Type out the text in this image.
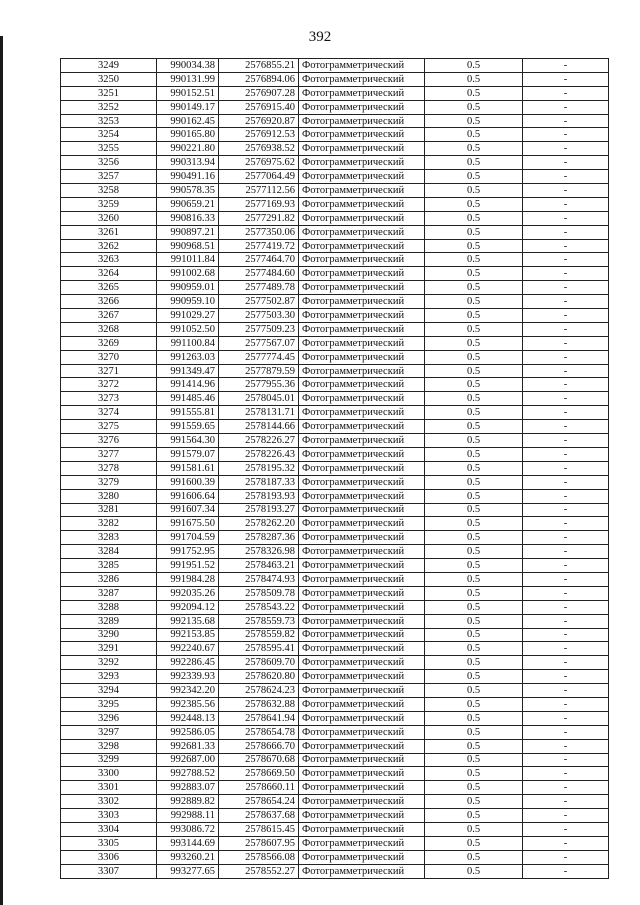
392
3249	990034.38	2576855.21	Фотограмметрический	0.5	-
3250	990131.99	2576894.06	Фотограмметрический	0.5	-
3251	990152.51	2576907.28	Фотограмметрический	0.5	-
3252	990149.17	2576915.40	Фотограмметрический	0.5	-
3253	990162.45	2576920.87	Фотограмметрический	0.5	-
3254	990165.80	2576912.53	Фотограмметрический	0.5	-
3255	990221.80	2576938.52	Фотограмметрический	0.5	-
3256	990313.94	2576975.62	Фотограмметрический	0.5	-
3257	990491.16	2577064.49	Фотограмметрический	0.5	-
3258	990578.35	2577112.56	Фотограмметрический	0.5	-
3259	990659.21	2577169.93	Фотограмметрический	0.5	-
3260	990816.33	2577291.82	Фотограмметрический	0.5	-
3261	990897.21	2577350.06	Фотограмметрический	0.5	-
3262	990968.51	2577419.72	Фотограмметрический	0.5	-
3263	991011.84	2577464.70	Фотограмметрический	0.5	-
3264	991002.68	2577484.60	Фотограмметрический	0.5	-
3265	990959.01	2577489.78	Фотограмметрический	0.5	-
3266	990959.10	2577502.87	Фотограмметрический	0.5	-
3267	991029.27	2577503.30	Фотограмметрический	0.5	-
3268	991052.50	2577509.23	Фотограмметрический	0.5	-
3269	991100.84	2577567.07	Фотограмметрический	0.5	-
3270	991263.03	2577774.45	Фотограмметрический	0.5	-
3271	991349.47	2577879.59	Фотограмметрический	0.5	-
3272	991414.96	2577955.36	Фотограмметрический	0.5	-
3273	991485.46	2578045.01	Фотограмметрический	0.5	-
3274	991555.81	2578131.71	Фотограмметрический	0.5	-
3275	991559.65	2578144.66	Фотограмметрический	0.5	-
3276	991564.30	2578226.27	Фотограмметрический	0.5	-
3277	991579.07	2578226.43	Фотограмметрический	0.5	-
3278	991581.61	2578195.32	Фотограмметрический	0.5	-
3279	991600.39	2578187.33	Фотограмметрический	0.5	-
3280	991606.64	2578193.93	Фотограмметрический	0.5	-
3281	991607.34	2578193.27	Фотограмметрический	0.5	-
3282	991675.50	2578262.20	Фотограмметрический	0.5	-
3283	991704.59	2578287.36	Фотограмметрический	0.5	-
3284	991752.95	2578326.98	Фотограмметрический	0.5	-
3285	991951.52	2578463.21	Фотограмметрический	0.5	-
3286	991984.28	2578474.93	Фотограмметрический	0.5	-
3287	992035.26	2578509.78	Фотограмметрический	0.5	-
3288	992094.12	2578543.22	Фотограмметрический	0.5	-
3289	992135.68	2578559.73	Фотограмметрический	0.5	-
3290	992153.85	2578559.82	Фотограмметрический	0.5	-
3291	992240.67	2578595.41	Фотограмметрический	0.5	-
3292	992286.45	2578609.70	Фотограмметрический	0.5	-
3293	992339.93	2578620.80	Фотограмметрический	0.5	-
3294	992342.20	2578624.23	Фотограмметрический	0.5	-
3295	992385.56	2578632.88	Фотограмметрический	0.5	-
3296	992448.13	2578641.94	Фотограмметрический	0.5	-
3297	992586.05	2578654.78	Фотограмметрический	0.5	-
3298	992681.33	2578666.70	Фотограмметрический	0.5	-
3299	992687.00	2578670.68	Фотограмметрический	0.5	-
3300	992788.52	2578669.50	Фотограмметрический	0.5	-
3301	992883.07	2578660.11	Фотограмметрический	0.5	-
3302	992889.82	2578654.24	Фотограмметрический	0.5	-
3303	992988.11	2578637.68	Фотограмметрический	0.5	-
3304	993086.72	2578615.45	Фотограмметрический	0.5	-
3305	993144.69	2578607.95	Фотограмметрический	0.5	-
3306	993260.21	2578566.08	Фотограмметрический	0.5	-
3307	993277.65	2578552.27	Фотограмметрический	0.5	-
